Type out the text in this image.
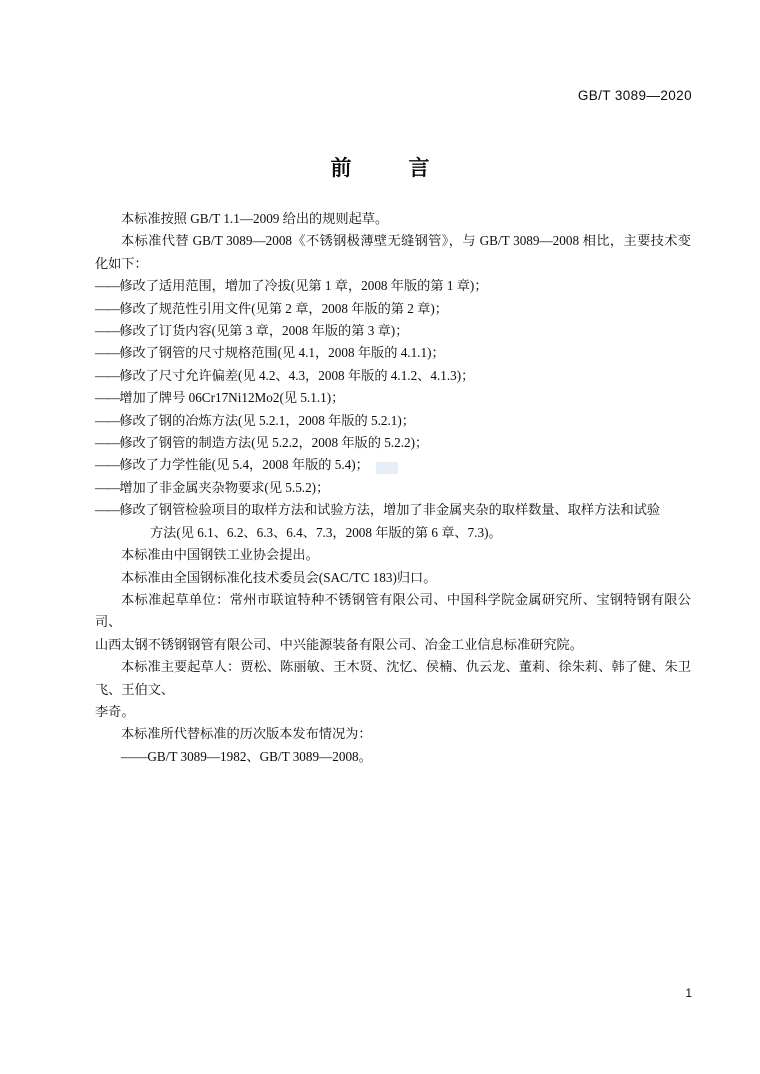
GB/T 3089—2020
前　言

本标准按照 GB/T 1.1—2009 给出的规则起草。

本标准代替 GB/T 3089—2008《不锈钢极薄壁无缝钢管》，与 GB/T 3089—2008 相比，主要技术变化如下：

——修改了适用范围，增加了冷拔(见第 1 章，2008 年版的第 1 章)；

——修改了规范性引用文件(见第 2 章，2008 年版的第 2 章)；

——修改了订货内容(见第 3 章，2008 年版的第 3 章)；

——修改了钢管的尺寸规格范围(见 4.1，2008 年版的 4.1.1)；

——修改了尺寸允许偏差(见 4.2、4.3，2008 年版的 4.1.2、4.1.3)；

——增加了牌号 06Cr17Ni12Mo2(见 5.1.1)；

——修改了钢的冶炼方法(见 5.2.1，2008 年版的 5.2.1)；

——修改了钢管的制造方法(见 5.2.2，2008 年版的 5.2.2)；

——修改了力学性能(见 5.4，2008 年版的 5.4)；

——增加了非金属夹杂物要求(见 5.5.2)；

——修改了钢管检验项目的取样方法和试验方法，增加了非金属夹杂的取样数量、取样方法和试验

方法(见 6.1、6.2、6.3、6.4、7.3，2008 年版的第 6 章、7.3)。

本标准由中国钢铁工业协会提出。

本标准由全国钢标准化技术委员会(SAC/TC 183)归口。

本标准起草单位：常州市联谊特种不锈钢管有限公司、中国科学院金属研究所、宝钢特钢有限公司、

山西太钢不锈钢钢管有限公司、中兴能源装备有限公司、冶金工业信息标准研究院。

本标准主要起草人：贾松、陈丽敏、王木贤、沈忆、侯楠、仇云龙、董莉、徐朱莉、韩了健、朱卫飞、王伯文、

李奇。

本标准所代替标准的历次版本发布情况为：

——GB/T 3089—1982、GB/T 3089—2008。

1
